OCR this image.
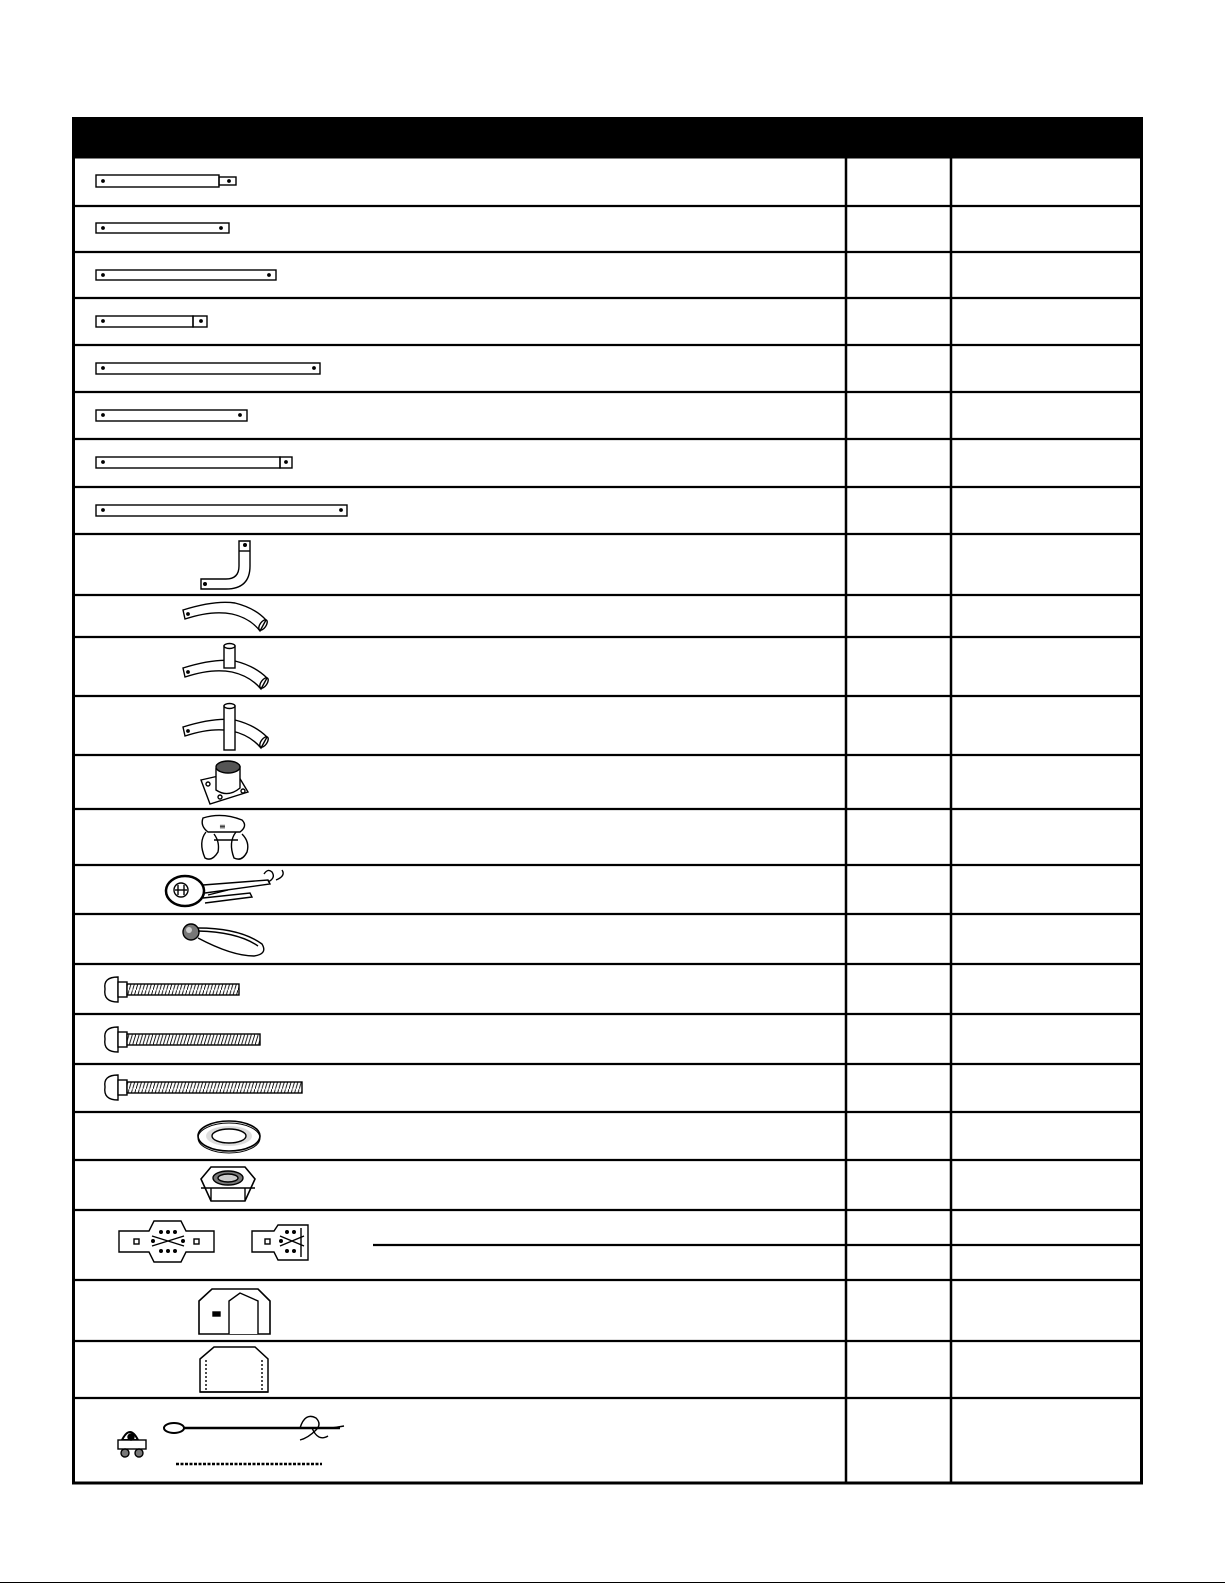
≡
